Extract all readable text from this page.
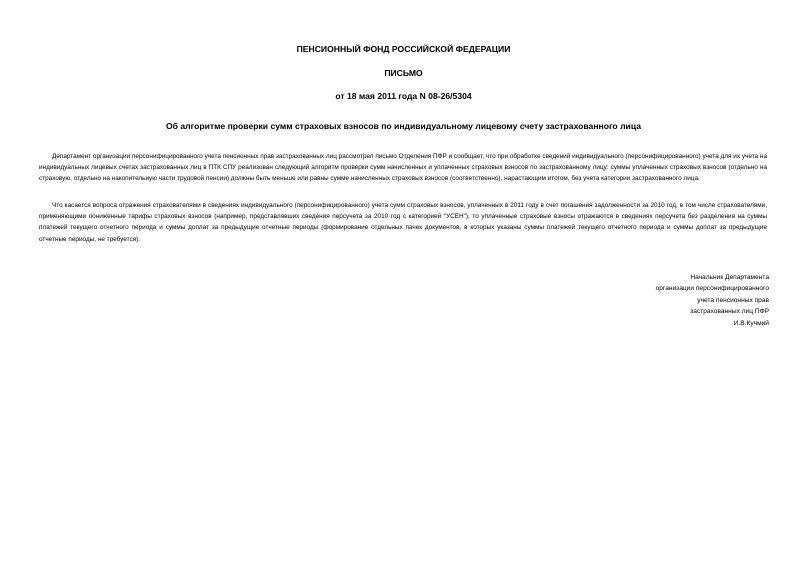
ПЕНСИОННЫЙ ФОНД РОССИЙСКОЙ ФЕДЕРАЦИИ
ПИСЬМО
от 18 мая 2011 года N 08-26/5304
Об алгоритме проверки сумм страховых взносов по индивидуальному лицевому счету застрахованного лица

Департамент организации персонифицированного учета пенсионных прав застрахованных лиц рассмотрел письмо Отделения ПФР и сообщает, что при обработке сведений индивидуального (персонифицированного) учета для их учета на индивидуальных лицевых счетах застрахованных лиц в ПТК СПУ реализован следующий алгоритм проверки сумм начисленных и уплаченных страховых взносов по застрахованному лицу: суммы уплаченных страховых взносов (отдельно на страховую, отдельно на накопительную части трудовой пенсии) должны быть меньше или равны сумме начисленных страховых взносов (соответственно), нарастающим итогом, без учета категории застрахованного лица.

Что касается вопроса отражения страхователями в сведениях индивидуального (персонифицированного) учета сумм страховых взносов, уплаченных в 2011 году в счет погашения задолженности за 2010 год, в том числе страхователями, применяющими пониженные тарифы страховых взносов (например, представлявших сведения персучета за 2010 год с категорией "УСЕН"), то уплаченные страховые взносы отражаются в сведениях персучета без разделения на суммы платежей текущего отчетного периода и суммы доплат за предыдущие отчетные периоды (формирование отдельных пачек документов, в которых указаны суммы платежей текущего отчетного периода и суммы доплат за предыдущие отчетные периоды, не требуется).

Начальник Департамента
организации персонифицированного
учета пенсионных прав
застрахованных лиц ПФР
И.В.Кучмий
